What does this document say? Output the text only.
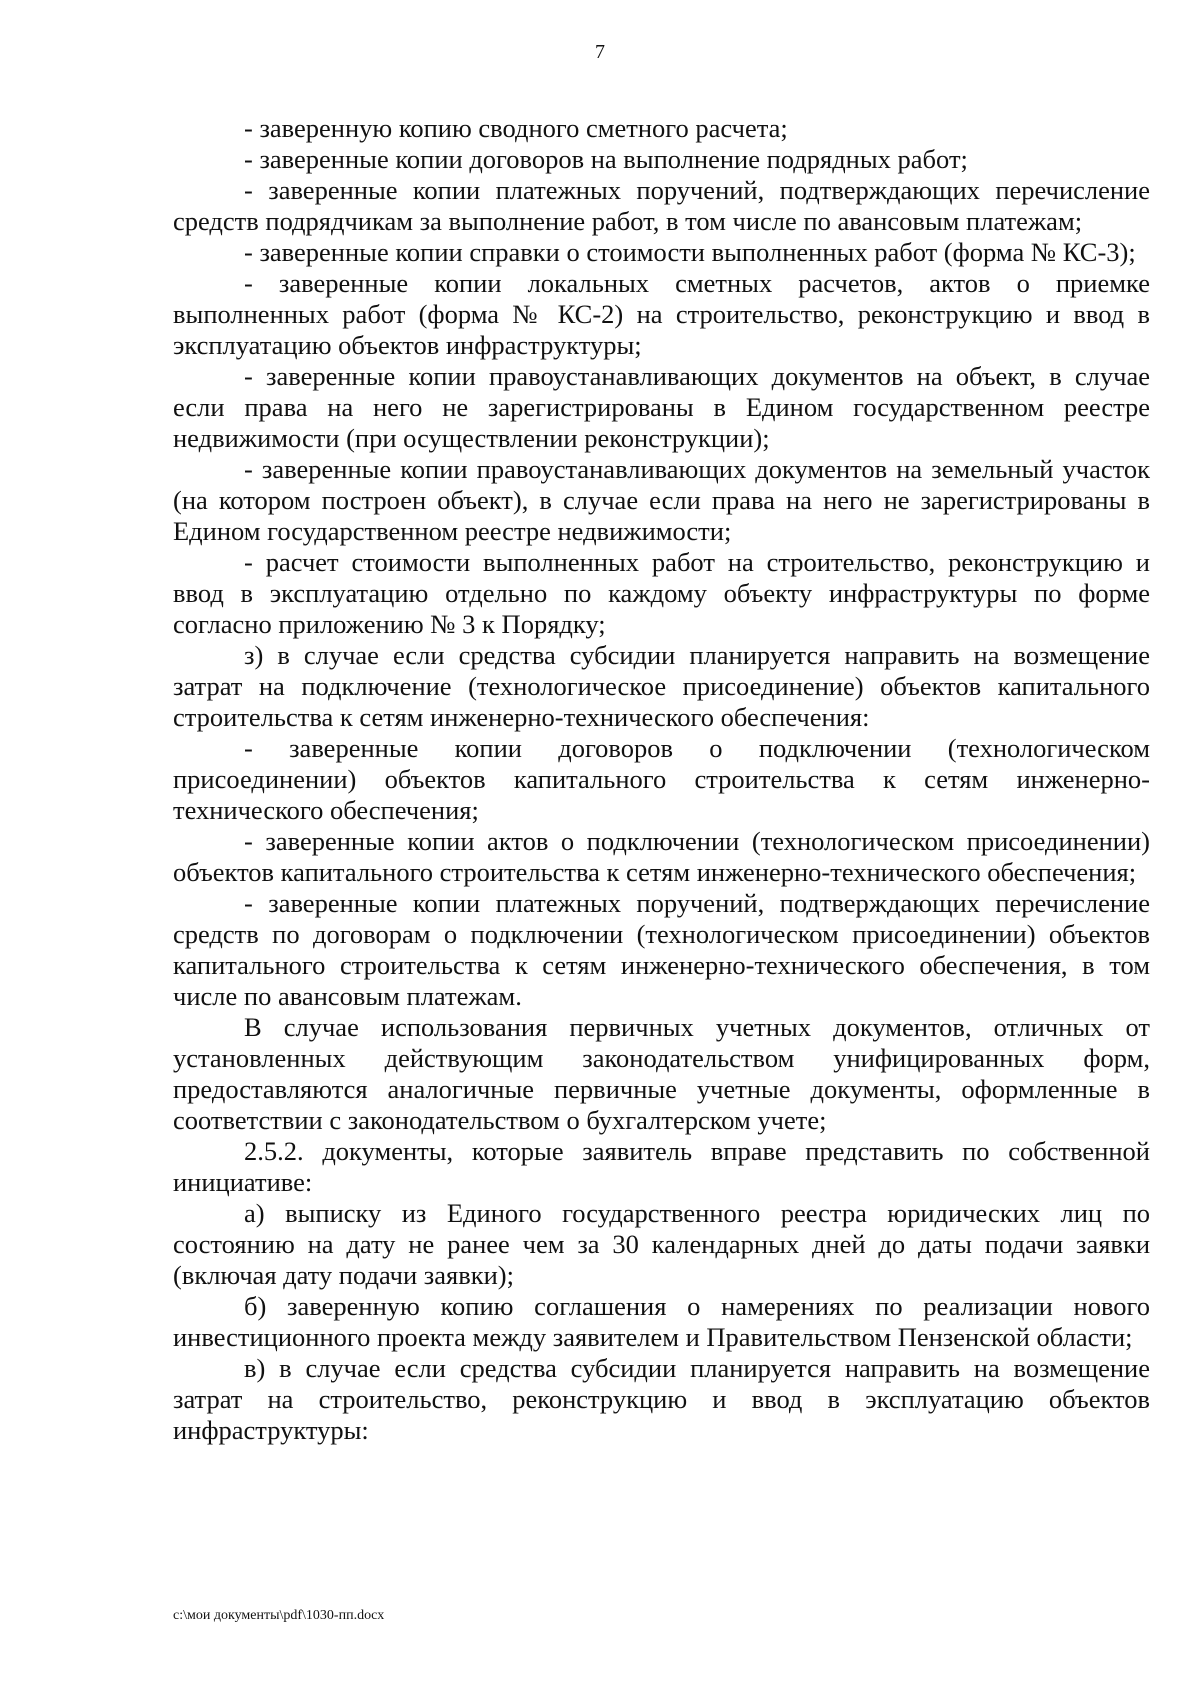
7

- заверенную копию сводного сметного расчета;

- заверенные копии договоров на выполнение подрядных работ;

- заверенные копии платежных поручений, подтверждающих перечисление средств подрядчикам за выполнение работ, в том числе по авансовым платежам;

- заверенные копии справки о стоимости выполненных работ (форма № КС-3);

- заверенные копии локальных сметных расчетов, актов о приемке выполненных работ (форма № КС-2) на строительство, реконструкцию и ввод в эксплуатацию объектов инфраструктуры;

- заверенные копии правоустанавливающих документов на объект, в случае если права на него не зарегистрированы в Едином государственном реестре недвижимости (при осуществлении реконструкции);

- заверенные копии правоустанавливающих документов на земельный участок (на котором построен объект), в случае если права на него не зарегистрированы в Едином государственном реестре недвижимости;

- расчет стоимости выполненных работ на строительство, реконструкцию и ввод в эксплуатацию отдельно по каждому объекту инфраструктуры по форме согласно приложению № 3 к Порядку;

з) в случае если средства субсидии планируется направить на возмещение затрат на подключение (технологическое присоединение) объектов капитального строительства к сетям инженерно-технического обеспечения:

- заверенные копии договоров о подключении (технологическом присоединении) объектов капитального строительства к сетям инженерно-технического обеспечения;

- заверенные копии актов о подключении (технологическом присоединении) объектов капитального строительства к сетям инженерно-технического обеспечения;

- заверенные копии платежных поручений, подтверждающих перечисление средств по договорам о подключении (технологическом присоединении) объектов капитального строительства к сетям инженерно-технического обеспечения, в том числе по авансовым платежам.

В случае использования первичных учетных документов, отличных от установленных действующим законодательством унифицированных форм, предоставляются аналогичные первичные учетные документы, оформленные в соответствии с законодательством о бухгалтерском учете;

2.5.2. документы, которые заявитель вправе представить по собственной инициативе:

а) выписку из Единого государственного реестра юридических лиц по состоянию на дату не ранее чем за 30 календарных дней до даты подачи заявки (включая дату подачи заявки);

б) заверенную копию соглашения о намерениях по реализации нового инвестиционного проекта между заявителем и Правительством Пензенской области;

в) в случае если средства субсидии планируется направить на возмещение затрат на строительство, реконструкцию и ввод в эксплуатацию объектов инфраструктуры:

c:\мои документы\pdf\1030-пп.docx
